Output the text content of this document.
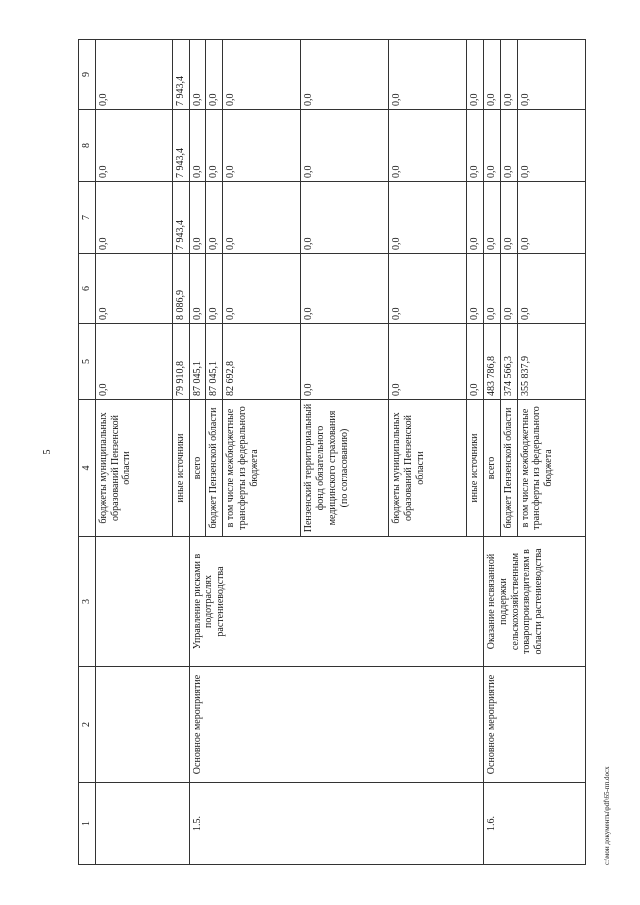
5
1	2	3	4	5	6	7	8	9
			бюджеты муниципальных образований Пензенской области	0,0	0,0	0,0	0,0	0,0
			иные источники	79 910,8	8 086,9	7 943,4	7 943,4	7 943,4
1.5.	Основное мероприятие	Управление рисками в подотраслях растениеводства	всего	87 045,1	0,0	0,0	0,0	0,0
			бюджет Пензенской области	87 045,1	0,0	0,0	0,0	0,0
			в том числе межбюджетные трансферты из федерального бюджета	82 692,8	0,0	0,0	0,0	0,0
			Пензенский территориальный фонд обязательного медицинского страхования (по согласованию)	0,0	0,0	0,0	0,0	0,0
			бюджеты муниципальных образований Пензенской области	0,0	0,0	0,0	0,0	0,0
			иные источники	0,0	0,0	0,0	0,0	0,0
1.6.	Основное мероприятие	Оказание несвязанной поддержки сельскохозяйственным товаропроизводителям в области растениеводства	всего	483 786,8	0,0	0,0	0,0	0,0
			бюджет Пензенской области	374 566,3	0,0	0,0	0,0	0,0
			в том числе межбюджетные трансферты из федерального бюджета	355 837,9	0,0	0,0	0,0	0,0
c:\мои документы\pdf\65-пп.docx
